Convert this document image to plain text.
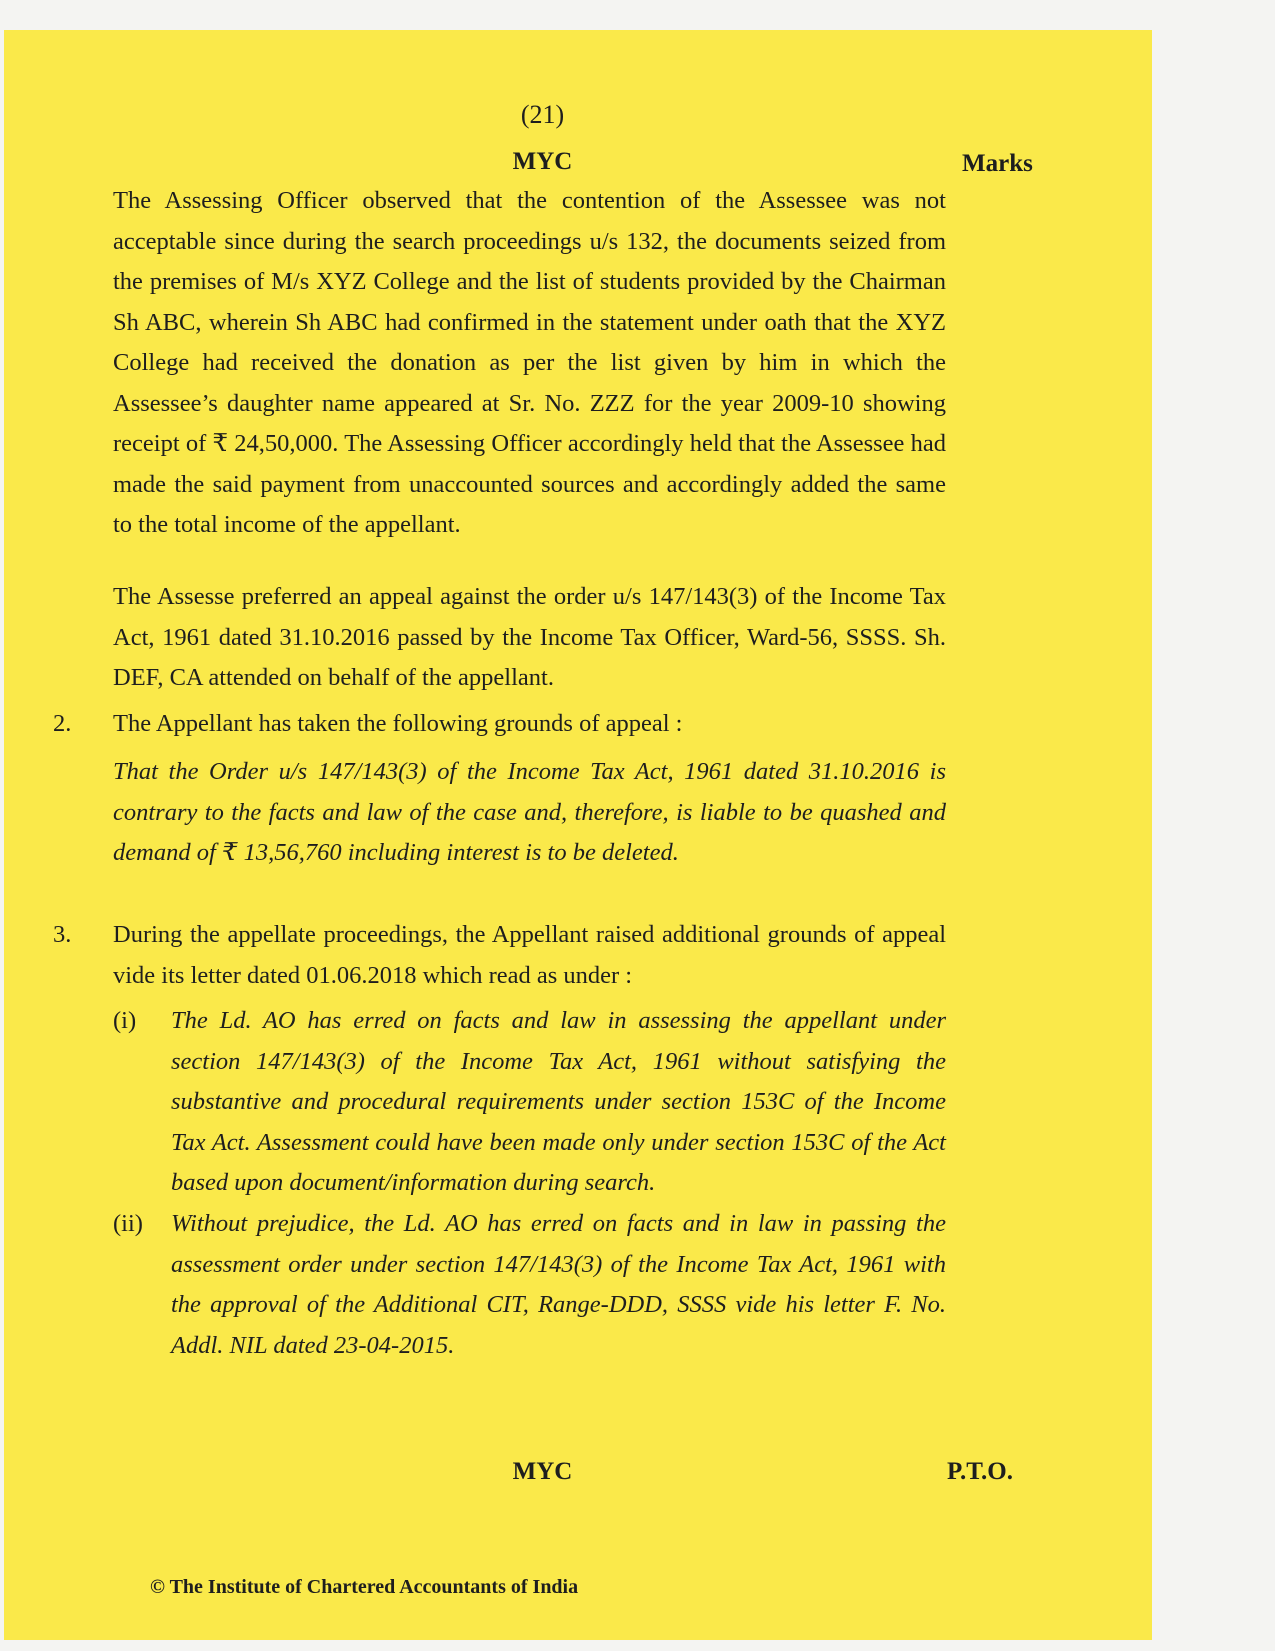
(21)
MYC	Marks

The Assessing Officer observed that the contention of the Assessee was not acceptable since during the search proceedings u/s 132, the documents seized from the premises of M/s XYZ College and the list of students provided by the Chairman Sh ABC, wherein Sh ABC had confirmed in the statement under oath that the XYZ College had received the donation as per the list given by him in which the Assessee’s daughter name appeared at Sr. No. ZZZ for the year 2009-10 showing receipt of ₹ 24,50,000. The Assessing Officer accordingly held that the Assessee had made the said payment from unaccounted sources and accordingly added the same to the total income of the appellant.

The Assesse preferred an appeal against the order u/s 147/143(3) of the Income Tax Act, 1961 dated 31.10.2016 passed by the Income Tax Officer, Ward-56, SSSS. Sh. DEF, CA attended on behalf of the appellant.

2. The Appellant has taken the following grounds of appeal :

That the Order u/s 147/143(3) of the Income Tax Act, 1961 dated 31.10.2016 is contrary to the facts and law of the case and, therefore, is liable to be quashed and demand of ₹ 13,56,760 including interest is to be deleted.

3. During the appellate proceedings, the Appellant raised additional grounds of appeal vide its letter dated 01.06.2018 which read as under :

(i) The Ld. AO has erred on facts and law in assessing the appellant under section 147/143(3) of the Income Tax Act, 1961 without satisfying the substantive and procedural requirements under section 153C of the Income Tax Act. Assessment could have been made only under section 153C of the Act based upon document/information during search.

(ii) Without prejudice, the Ld. AO has erred on facts and in law in passing the assessment order under section 147/143(3) of the Income Tax Act, 1961 with the approval of the Additional CIT, Range-DDD, SSSS vide his letter F. No. Addl. NIL dated 23-04-2015.

MYC	P.T.O.
© The Institute of Chartered Accountants of India
